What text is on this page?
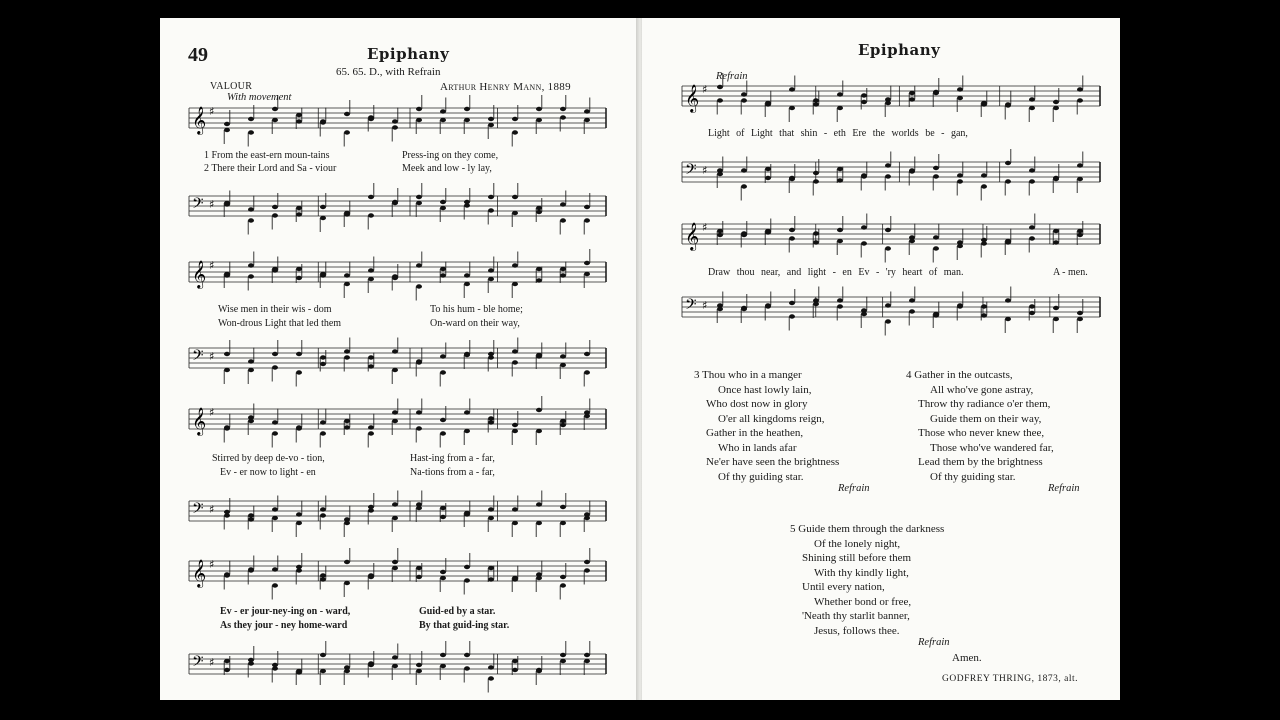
49	Epiphany
65. 65. D., with Refrain
VALOUR	Arthur Henry Mann, 1889
With movement
𝄞 ♯
𝄢 ♯
𝄞 ♯
𝄢 ♯
𝄞 ♯
𝄢 ♯
𝄞 ♯
𝄢 ♯
1 From the east-ern moun-tains	Press-ing on they come,
2 There their Lord and Sa - viour	Meek and low - ly lay,
Wise men in their wis - dom	To his hum - ble home;
Won-drous Light that led them	On-ward on their way,
Stirred by deep de-vo - tion,	Hast-ing from a - far,
Ev - er now to light - en	Na-tions from a - far,
Ev - er jour-ney-ing on - ward,	Guid-ed by a star.
As they jour - ney home-ward	By that guid-ing star.
Epiphany
Refrain
𝄞 ♯
𝄢 ♯
𝄞 ♯
𝄢 ♯
Light of Light that shin - eth Ere the worlds be - gan,
Draw thou near, and light - en Ev - 'ry heart of man.	A - men.
3 Thou who in a manger
Once hast lowly lain,
Who dost now in glory
O'er all kingdoms reign,
Gather in the heathen,
Who in lands afar
Ne'er have seen the brightness
Of thy guiding star.
Refrain
4 Gather in the outcasts,
All who've gone astray,
Throw thy radiance o'er them,
Guide them on their way,
Those who never knew thee,
Those who've wandered far,
Lead them by the brightness
Of thy guiding star.
Refrain
5 Guide them through the darkness
Of the lonely night,
Shining still before them
With thy kindly light,
Until every nation,
Whether bond or free,
'Neath thy starlit banner,
Jesus, follows thee.
Refrain
Amen.
GODFREY THRING, 1873, alt.
